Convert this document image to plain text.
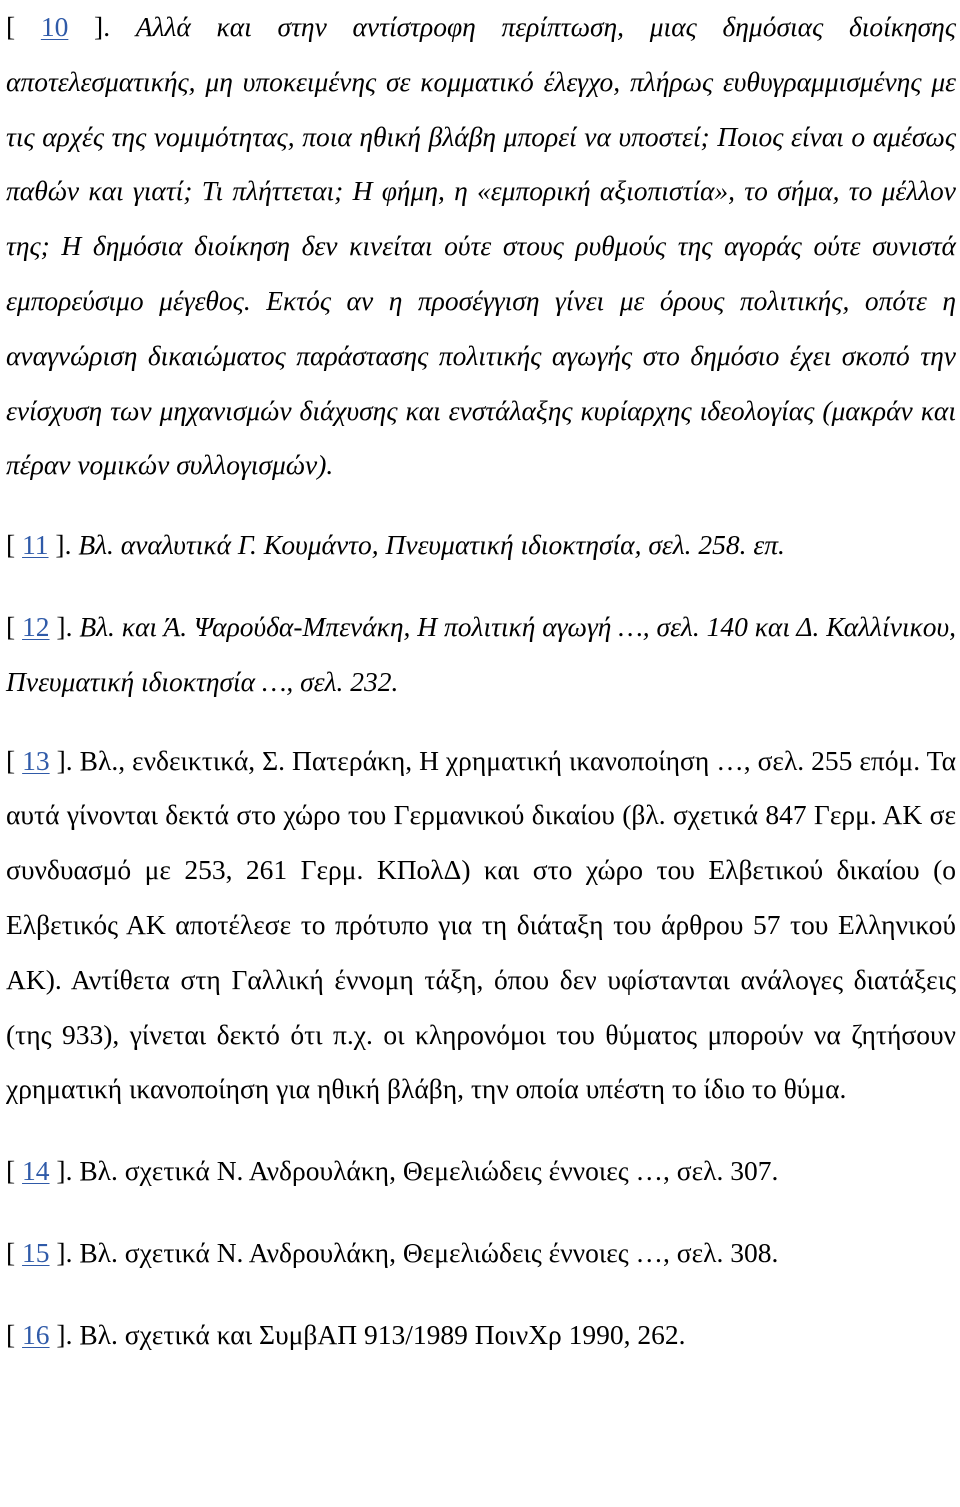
[ 10 ]. Αλλά και στην αντίστροφη περίπτωση, μιας δημόσιας διοίκησης αποτελεσματικής, μη υποκειμένης σε κομματικό έλεγχο, πλήρως ευθυγραμμισμένης με τις αρχές της νομιμότητας, ποια ηθική βλάβη μπορεί να υποστεί; Ποιος είναι ο αμέσως παθών και γιατί; Τι πλήττεται; Η φήμη, η «εμπορική αξιοπιστία», το σήμα, το μέλλον της; Η δημόσια διοίκηση δεν κινείται ούτε στους ρυθμούς της αγοράς ούτε συνιστά εμπορεύσιμο μέγεθος. Εκτός αν η προσέγγιση γίνει με όρους πολιτικής, οπότε η αναγνώριση δικαιώματος παράστασης πολιτικής αγωγής στο δημόσιο έχει σκοπό την ενίσχυση των μηχανισμών διάχυσης και ενστάλαξης κυρίαρχης ιδεολογίας (μακράν και πέραν νομικών συλλογισμών).

[ 11 ]. Βλ. αναλυτικά Γ. Κουμάντο, Πνευματική ιδιοκτησία, σελ. 258. επ.

[ 12 ]. Βλ. και Ά. Ψαρούδα-Μπενάκη, Η πολιτική αγωγή …, σελ. 140 και Δ. Καλλίνικου, Πνευματική ιδιοκτησία …, σελ. 232.

[ 13 ]. Βλ., ενδεικτικά, Σ. Πατεράκη, Η χρηματική ικανοποίηση …, σελ. 255 επόμ. Τα αυτά γίνονται δεκτά στο χώρο του Γερμανικού δικαίου (βλ. σχετικά 847 Γερμ. ΑΚ σε συνδυασμό με 253, 261 Γερμ. ΚΠολΔ) και στο χώρο του Ελβετικού δικαίου (ο Ελβετικός ΑΚ αποτέλεσε το πρότυπο για τη διάταξη του άρθρου 57 του Ελληνικού ΑΚ). Αντίθετα στη Γαλλική έννομη τάξη, όπου δεν υφίστανται ανάλογες διατάξεις (της 933), γίνεται δεκτό ότι π.χ. οι κληρονόμοι του θύματος μπορούν να ζητήσουν χρηματική ικανοποίηση για ηθική βλάβη, την οποία υπέστη το ίδιο το θύμα.

[ 14 ]. Βλ. σχετικά Ν. Ανδρουλάκη, Θεμελιώδεις έννοιες …, σελ. 307.

[ 15 ]. Βλ. σχετικά Ν. Ανδρουλάκη, Θεμελιώδεις έννοιες …, σελ. 308.

[ 16 ]. Βλ. σχετικά και ΣυμβΑΠ 913/1989 ΠοινΧρ 1990, 262.
